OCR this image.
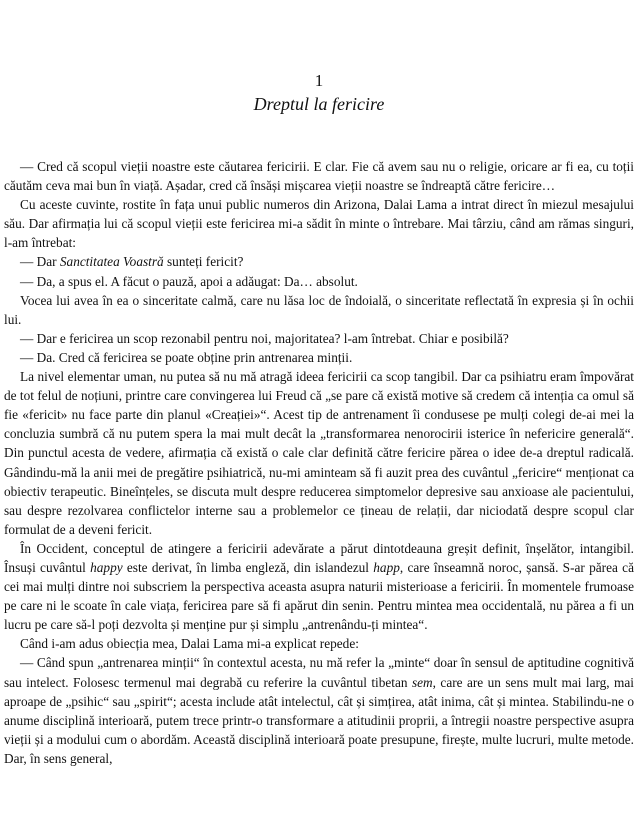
1
Dreptul la fericire

— Cred că scopul vieții noastre este căutarea fericirii. E clar. Fie că avem sau nu o religie, oricare ar fi ea, cu toții căutăm ceva mai bun în viață. Așadar, cred că însăși mișcarea vieții noastre se îndreaptă către fericire…

Cu aceste cuvinte, rostite în fața unui public numeros din Arizona, Dalai Lama a intrat direct în miezul mesajului său. Dar afirmația lui că scopul vieții este fericirea mi-a sădit în minte o întrebare. Mai târziu, când am rămas singuri, l-am întrebat:

— Dar Sanctitatea Voastră sunteți fericit?

— Da, a spus el. A făcut o pauză, apoi a adăugat: Da… absolut.

Vocea lui avea în ea o sinceritate calmă, care nu lăsa loc de îndoială, o sinceritate reflectată în expresia și în ochii lui.

— Dar e fericirea un scop rezonabil pentru noi, majoritatea? l-am întrebat. Chiar e posibilă?

— Da. Cred că fericirea se poate obține prin antrenarea minții.

La nivel elementar uman, nu putea să nu mă atragă ideea fericirii ca scop tangibil. Dar ca psihiatru eram împovărat de tot felul de noțiuni, printre care convingerea lui Freud că „se pare că există motive să credem că intenția ca omul să fie «fericit» nu face parte din planul «Creației»“. Acest tip de antrenament îi condusese pe mulți colegi de-ai mei la concluzia sumbră că nu putem spera la mai mult decât la „transformarea nenorocirii isterice în nefericire generală“. Din punctul acesta de vedere, afirmația că există o cale clar definită către fericire părea o idee de-a dreptul radicală. Gândindu-mă la anii mei de pregătire psihiatrică, nu-mi aminteam să fi auzit prea des cuvântul „fericire“ menționat ca obiectiv terapeutic. Bineînțeles, se discuta mult despre reducerea simptomelor depresive sau anxioase ale pacientului, sau despre rezolvarea conflictelor interne sau a problemelor ce țineau de relații, dar niciodată despre scopul clar formulat de a deveni fericit.

În Occident, conceptul de atingere a fericirii adevărate a părut dintotdeauna greșit definit, înșelător, intangibil. Însuși cuvântul happy este derivat, în limba engleză, din islandezul happ, care înseamnă noroc, șansă. S-ar părea că cei mai mulți dintre noi subscriem la perspectiva aceasta asupra naturii misterioase a fericirii. În momentele frumoase pe care ni le scoate în cale viața, fericirea pare să fi apărut din senin. Pentru mintea mea occidentală, nu părea a fi un lucru pe care să-l poți dezvolta și menține pur și simplu „antrenându-ți mintea“.

Când i-am adus obiecția mea, Dalai Lama mi-a explicat repede:

— Când spun „antrenarea minții“ în contextul acesta, nu mă refer la „minte“ doar în sensul de aptitudine cognitivă sau intelect. Folosesc termenul mai degrabă cu referire la cuvântul tibetan sem, care are un sens mult mai larg, mai aproape de „psihic“ sau „spirit“; acesta include atât intelectul, cât și simțirea, atât inima, cât și mintea. Stabilindu-ne o anume disciplină interioară, putem trece printr-o transformare a atitudinii proprii, a întregii noastre perspective asupra vieții și a modului cum o abordăm. Această disciplină interioară poate presupune, firește, multe lucruri, multe metode. Dar, în sens general,
